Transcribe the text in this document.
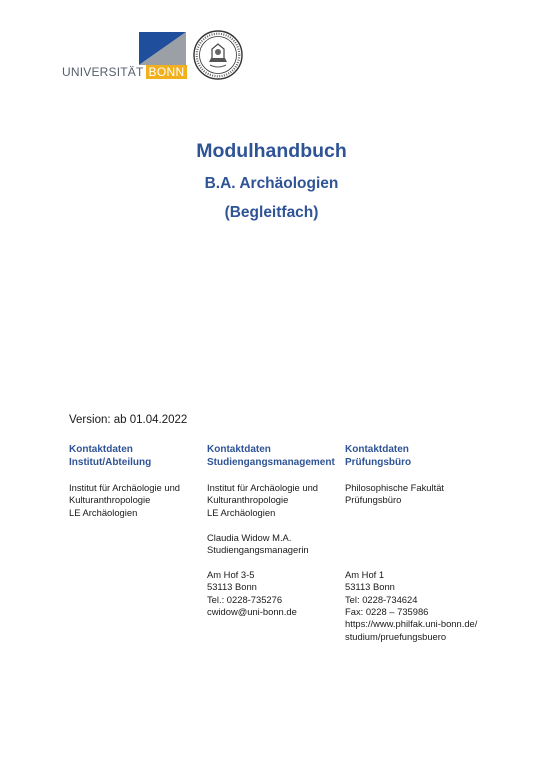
UNIVERSITÄT BONN
Modulhandbuch
B.A. Archäologien
(Begleitfach)
Version: ab 01.04.2022
Kontaktdaten
Institut/Abteilung
Institut für Archäologie und
Kulturanthropologie
LE Archäologien
Kontaktdaten
Studiengangsmanagement
Institut für Archäologie und
Kulturanthropologie
LE Archäologien
Claudia Widow M.A.
Studiengangsmanagerin
Am Hof 3-5
53113 Bonn
Tel.: 0228-735276
cwidow@uni-bonn.de
Kontaktdaten
Prüfungsbüro
Philosophische Fakultät
Prüfungsbüro
Am Hof 1
53113 Bonn
Tel: 0228-734624
Fax: 0228 – 735986
https://www.philfak.uni-bonn.de/
studium/pruefungsbuero
